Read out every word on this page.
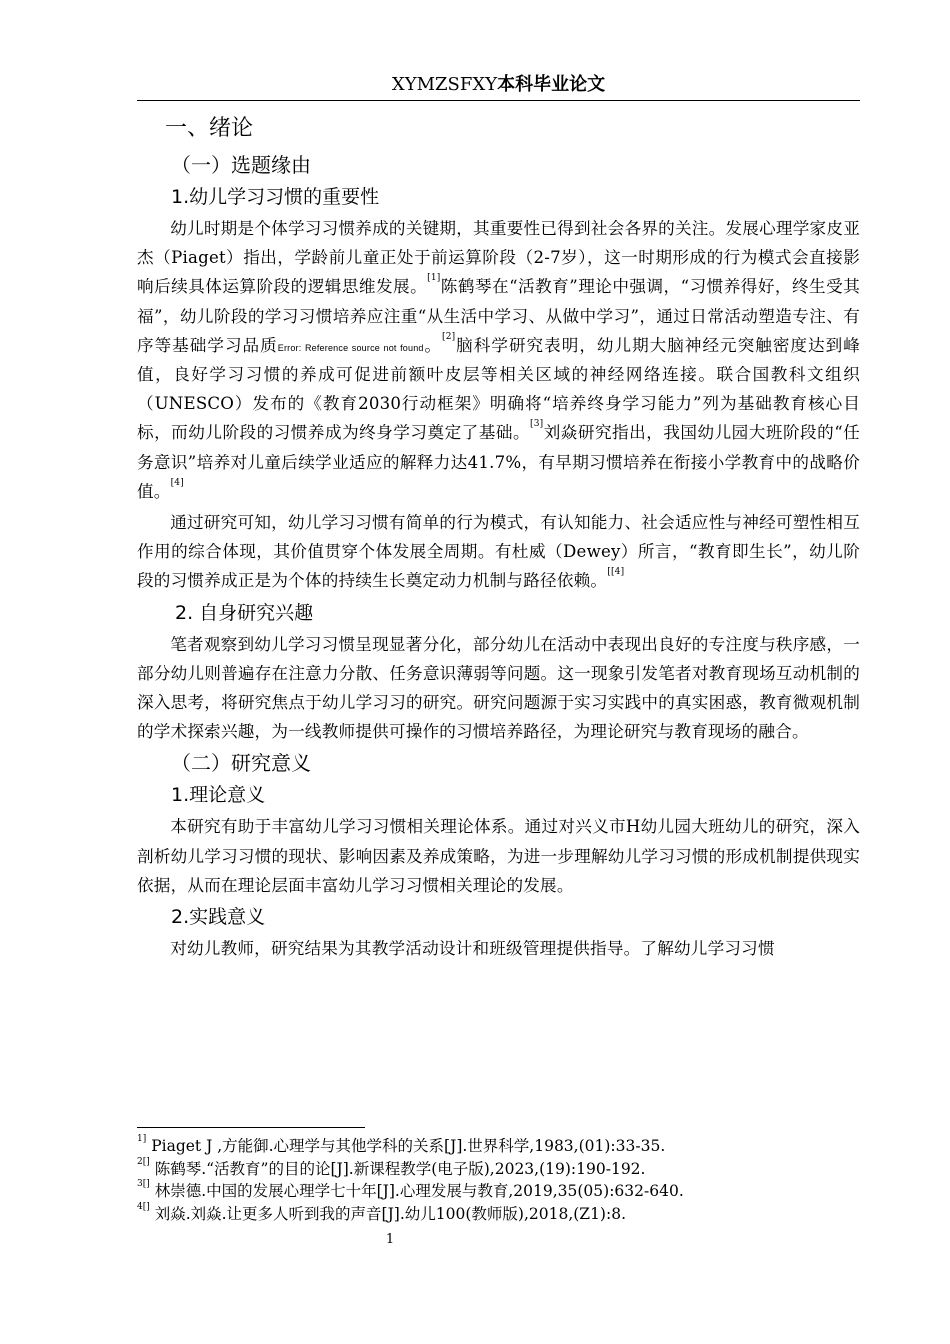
XYMZSFXY本科毕业论文
一、绪论
（一）选题缘由
1.幼儿学习习惯的重要性

幼儿时期是个体学习习惯养成的关键期，其重要性已得到社会各界的关注。发展心理学家皮亚杰（Piaget）指出，学龄前儿童正处于前运算阶段（2-7岁），这一时期形成的行为模式会直接影响后续具体运算阶段的逻辑思维发展。[1]陈鹤琴在“活教育”理论中强调，“习惯养得好，终生受其福”，幼儿阶段的学习习惯培养应注重“从生活中学习、从做中学习”，通过日常活动塑造专注、有序等基础学习品质$^{Error: Reference source not found}$。[2]脑科学研究表明，幼儿期大脑神经元突触密度达到峰值，良好学习习惯的养成可促进前额叶皮层等相关区域的神经网络连接。联合国教科文组织（UNESCO）发布的《教育2030行动框架》明确将“培养终身学习能力”列为基础教育核心目标，而幼儿阶段的习惯养成为终身学习奠定了基础。[3]刘焱研究指出，我国幼儿园大班阶段的“任务意识”培养对儿童后续学业适应的解释力达41.7%，有早期习惯培养在衔接小学教育中的战略价值。[4]

通过研究可知，幼儿学习习惯有简单的行为模式，有认知能力、社会适应性与神经可塑性相互作用的综合体现，其价值贯穿个体发展全周期。有杜威（Dewey）所言，“教育即生长”，幼儿阶段的习惯养成正是为个体的持续生长奠定动力机制与路径依赖。[[4]

2. 自身研究兴趣

笔者观察到幼儿学习习惯呈现显著分化，部分幼儿在活动中表现出良好的专注度与秩序感，一部分幼儿则普遍存在注意力分散、任务意识薄弱等问题。这一现象引发笔者对教育现场互动机制的深入思考，将研究焦点于幼儿学习习的研究。研究问题源于实习实践中的真实困惑，教育微观机制的学术探索兴趣，为一线教师提供可操作的习惯培养路径，为理论研究与教育现场的融合。

（二）研究意义
1.理论意义

本研究有助于丰富幼儿学习习惯相关理论体系。通过对兴义市H幼儿园大班幼儿的研究，深入剖析幼儿学习习惯的现状、影响因素及养成策略，为进一步理解幼儿学习习惯的形成机制提供现实依据，从而在理论层面丰富幼儿学习习惯相关理论的发展。

2.实践意义

对幼儿教师，研究结果为其教学活动设计和班级管理提供指导。了解幼儿学习习惯

$^{1]}$ Piaget J ,方能御.心理学与其他学科的关系[J].世界科学,1983,(01):33-35.
$^{2[]}$ 陈鹤琴.“活教育”的目的论[J].新课程教学(电子版),2023,(19):190-192.
$^{3[]}$ 林崇德.中国的发展心理学七十年[J].心理发展与教育,2019,35(05):632-640.
$^{4[]}$ 刘焱.刘焱.让更多人听到我的声音[J].幼儿100(教师版),2018,(Z1):8.
1
